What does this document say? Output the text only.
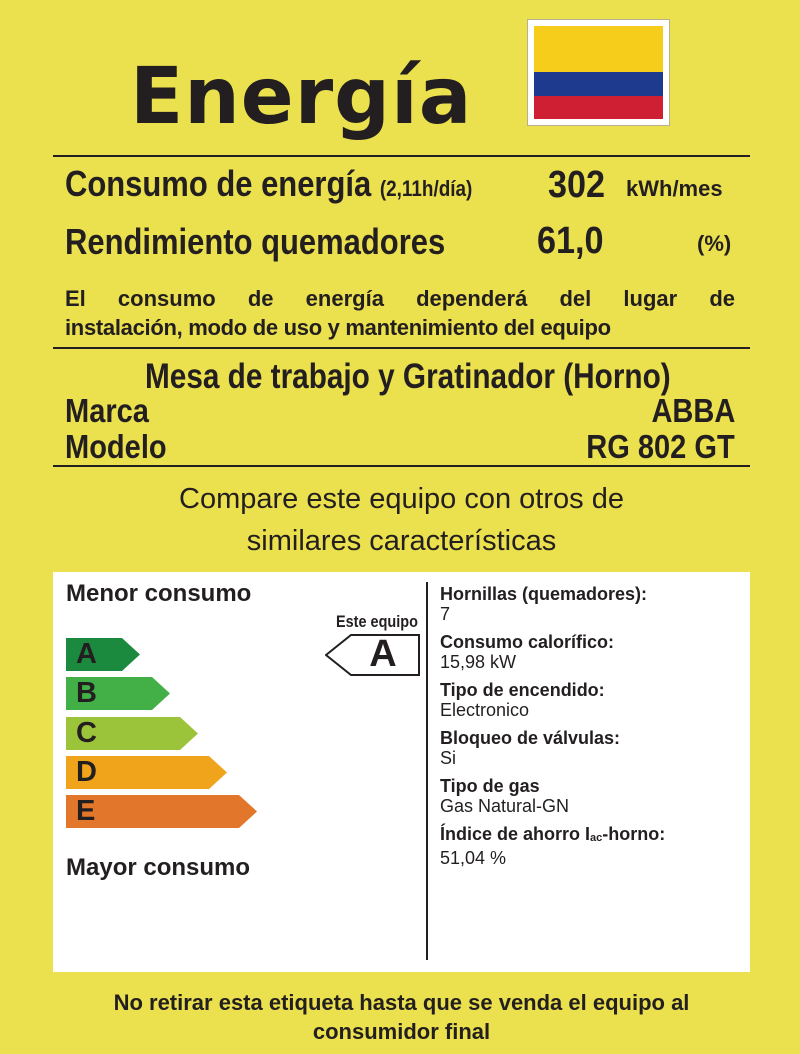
Energía
Consumo de energía (2,11h/día) 302 kWh/mes
Rendimiento quemadores 61,0	(%)
El consumo de energía dependerá del lugar de
instalación, modo de uso y mantenimiento del equipo
Mesa de trabajo y Gratinador (Horno)
Marca	ABBA
Modelo	RG 802 GT
Compare este equipo con otros de
similares características
Menor consumo
A
B
C
D
E
Mayor consumo
Este equipo
A
Hornillas (quemadores):
7
Consumo calorífico:
15,98 kW
Tipo de encendido:
Electronico
Bloqueo de válvulas:
Si
Tipo de gas
Gas Natural-GN
Índice de ahorro $I_{ac}$-horno:
51,04 %
No retirar esta etiqueta hasta que se venda el equipo al
consumidor final
